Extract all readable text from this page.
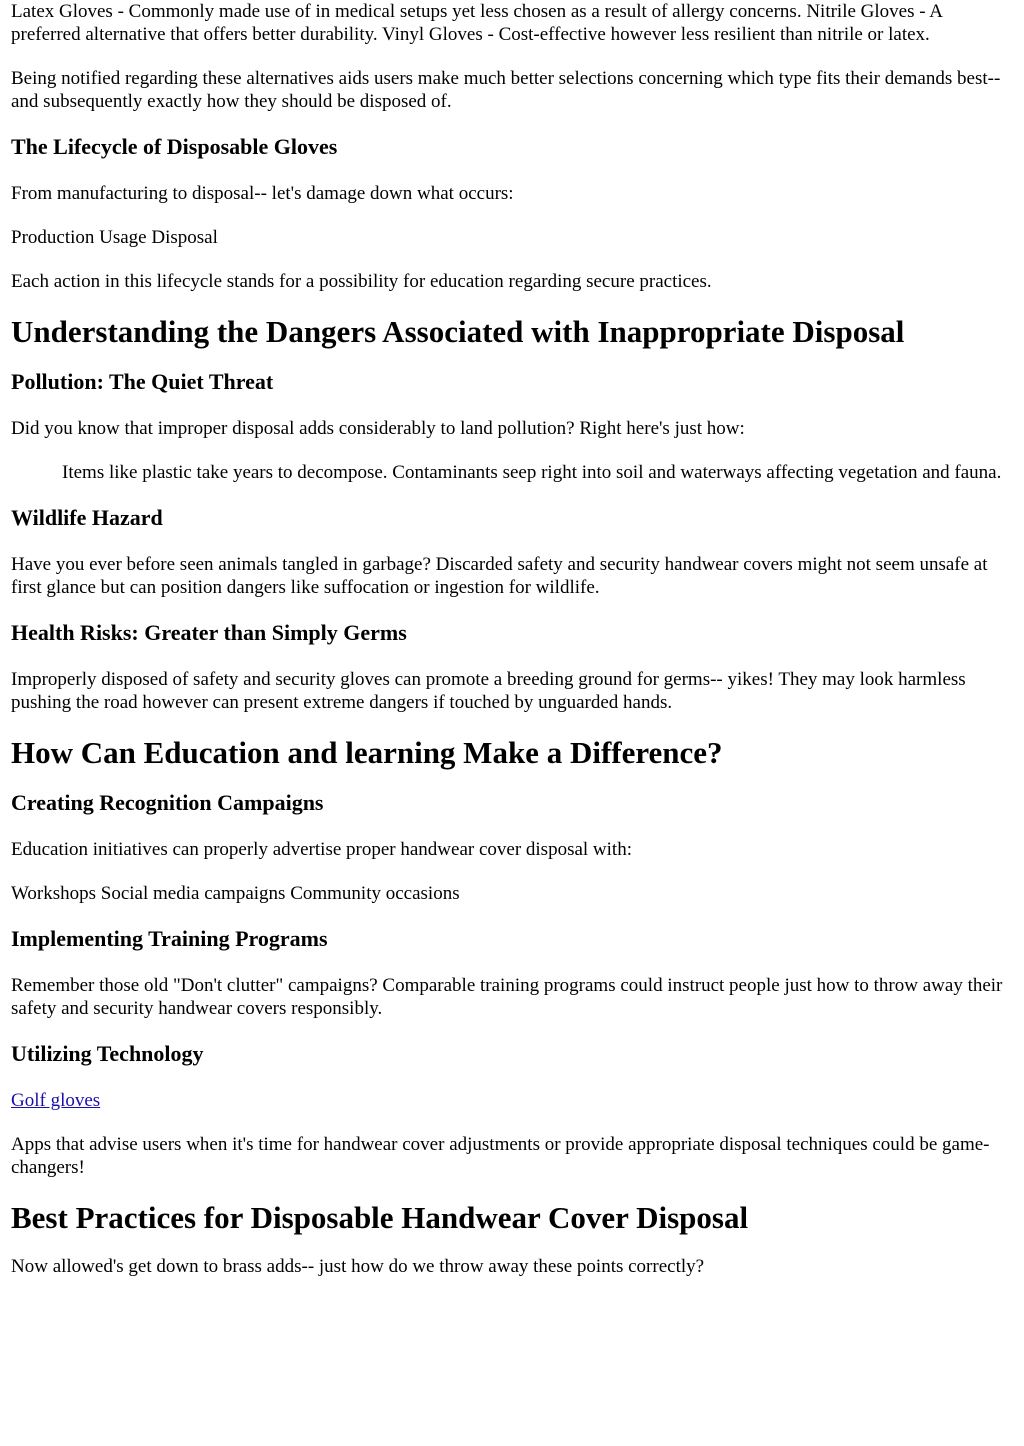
Latex Gloves - Commonly made use of in medical setups yet less chosen as a result of allergy concerns. Nitrile Gloves - A preferred alternative that offers better durability. Vinyl Gloves - Cost-effective however less resilient than nitrile or latex.

Being notified regarding these alternatives aids users make much better selections concerning which type fits their demands best-- and subsequently exactly how they should be disposed of.

The Lifecycle of Disposable Gloves

From manufacturing to disposal-- let's damage down what occurs:

Production Usage Disposal

Each action in this lifecycle stands for a possibility for education regarding secure practices.

Understanding the Dangers Associated with Inappropriate Disposal
Pollution: The Quiet Threat

Did you know that improper disposal adds considerably to land pollution? Right here's just how:

Items like plastic take years to decompose. Contaminants seep right into soil and waterways affecting vegetation and fauna.
Wildlife Hazard

Have you ever before seen animals tangled in garbage? Discarded safety and security handwear covers might not seem unsafe at first glance but can position dangers like suffocation or ingestion for wildlife.

Health Risks: Greater than Simply Germs

Improperly disposed of safety and security gloves can promote a breeding ground for germs-- yikes! They may look harmless pushing the road however can present extreme dangers if touched by unguarded hands.

How Can Education and learning Make a Difference?
Creating Recognition Campaigns

Education initiatives can properly advertise proper handwear cover disposal with:

Workshops Social media campaigns Community occasions

Implementing Training Programs

Remember those old "Don't clutter" campaigns? Comparable training programs could instruct people just how to throw away their safety and security handwear covers responsibly.

Utilizing Technology

Golf gloves

Apps that advise users when it's time for handwear cover adjustments or provide appropriate disposal techniques could be game-changers!

Best Practices for Disposable Handwear Cover Disposal

Now allowed's get down to brass adds-- just how do we throw away these points correctly?
